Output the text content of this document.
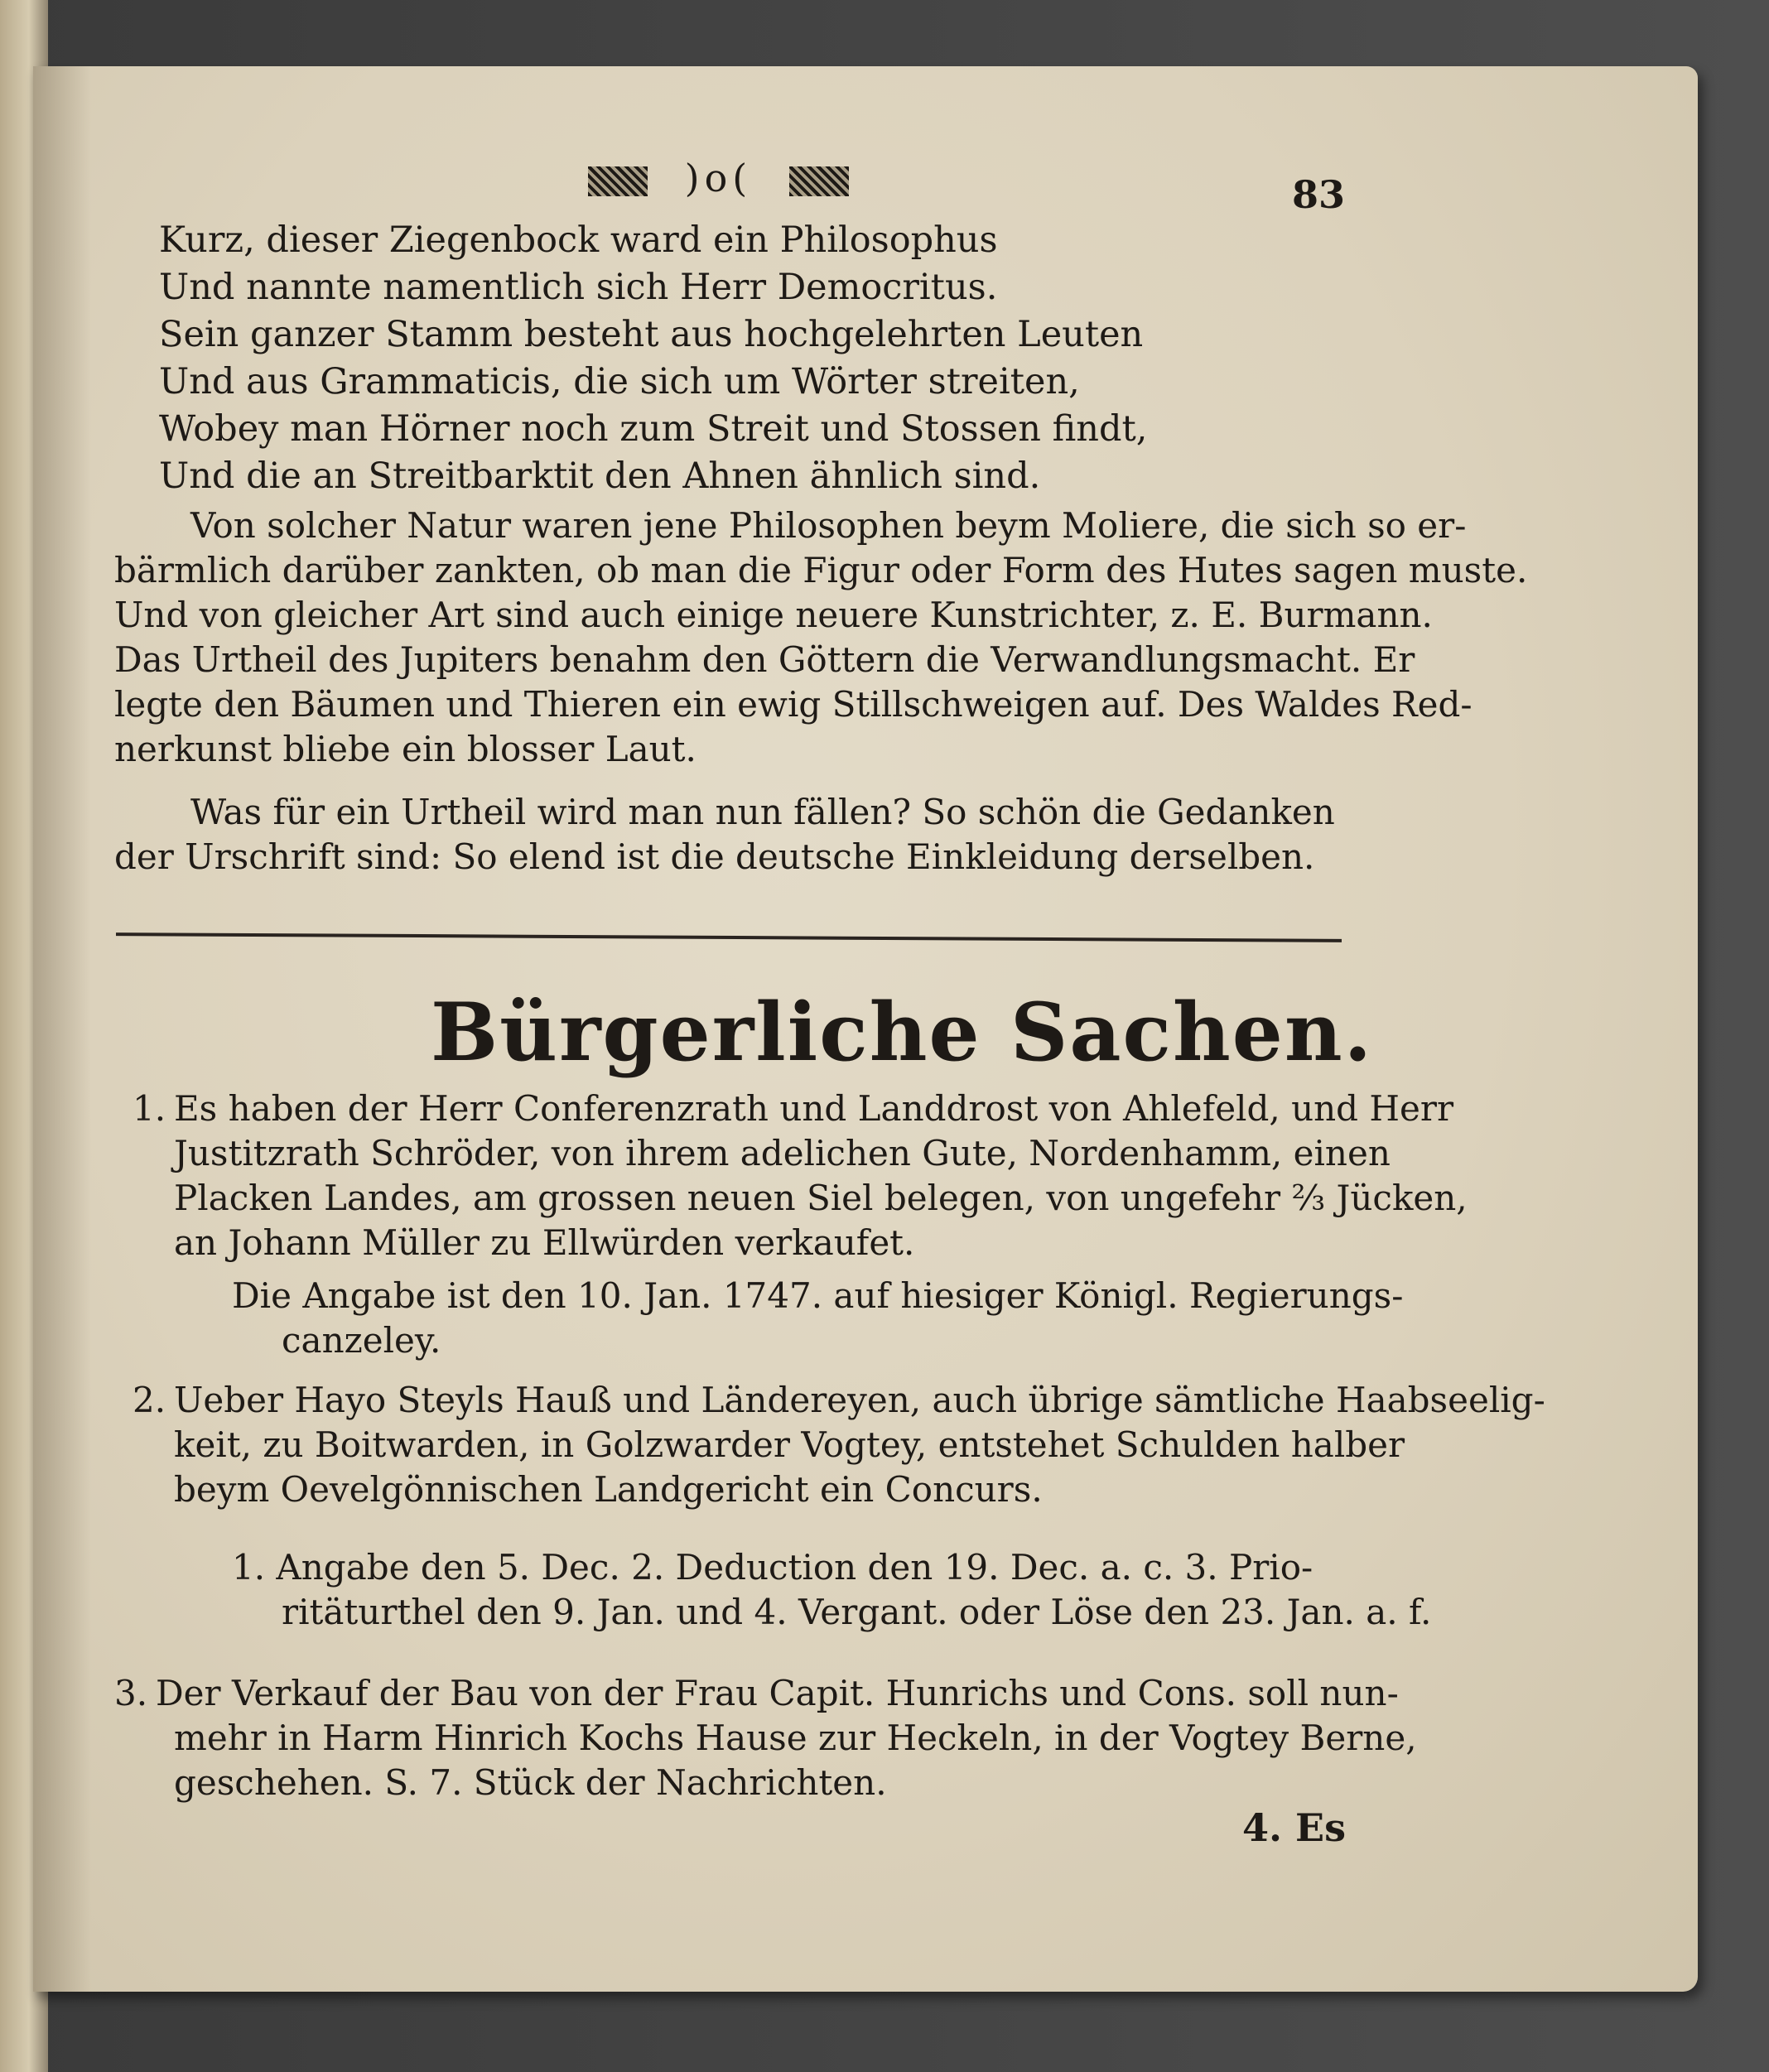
)o(	83
Kurz, dieser Ziegenbock ward ein Philosophus
Und nannte namentlich sich Herr Democritus.
Sein ganzer Stamm besteht aus hochgelehrten Leuten
Und aus Grammaticis, die sich um Wörter streiten,
Wobey man Hörner noch zum Streit und Stossen findt,
Und die an Streitbarktit den Ahnen ähnlich sind.
Von solcher Natur waren jene Philosophen beym Moliere, die sich so er-
bärmlich darüber zankten, ob man die Figur oder Form des Hutes sagen muste.
Und von gleicher Art sind auch einige neuere Kunstrichter, z. E. Burmann.
Das Urtheil des Jupiters benahm den Göttern die Verwandlungsmacht. Er
legte den Bäumen und Thieren ein ewig Stillschweigen auf. Des Waldes Red-
nerkunst bliebe ein blosser Laut.
Was für ein Urtheil wird man nun fällen? So schön die Gedanken
der Urschrift sind: So elend ist die deutsche Einkleidung derselben.
Bürgerliche Sachen.
1. Es haben der Herr Conferenzrath und Landdrost von Ahlefeld, und Herr
Justitzrath Schröder, von ihrem adelichen Gute, Nordenhamm, einen
Placken Landes, am grossen neuen Siel belegen, von ungefehr ⅔ Jücken,
an Johann Müller zu Ellwürden verkaufet.
Die Angabe ist den 10. Jan. 1747. auf hiesiger Königl. Regierungs-
canzeley.
2. Ueber Hayo Steyls Hauß und Ländereyen, auch übrige sämtliche Haabseelig-
keit, zu Boitwarden, in Golzwarder Vogtey, entstehet Schulden halber
beym Oevelgönnischen Landgericht ein Concurs.
1. Angabe den 5. Dec. 2. Deduction den 19. Dec. a. c. 3. Prio-
ritäturthel den 9. Jan. und 4. Vergant. oder Löse den 23. Jan. a. f.
3. Der Verkauf der Bau von der Frau Capit. Hunrichs und Cons. soll nun-
mehr in Harm Hinrich Kochs Hause zur Heckeln, in der Vogtey Berne,
geschehen. S. 7. Stück der Nachrichten.
4. Es
